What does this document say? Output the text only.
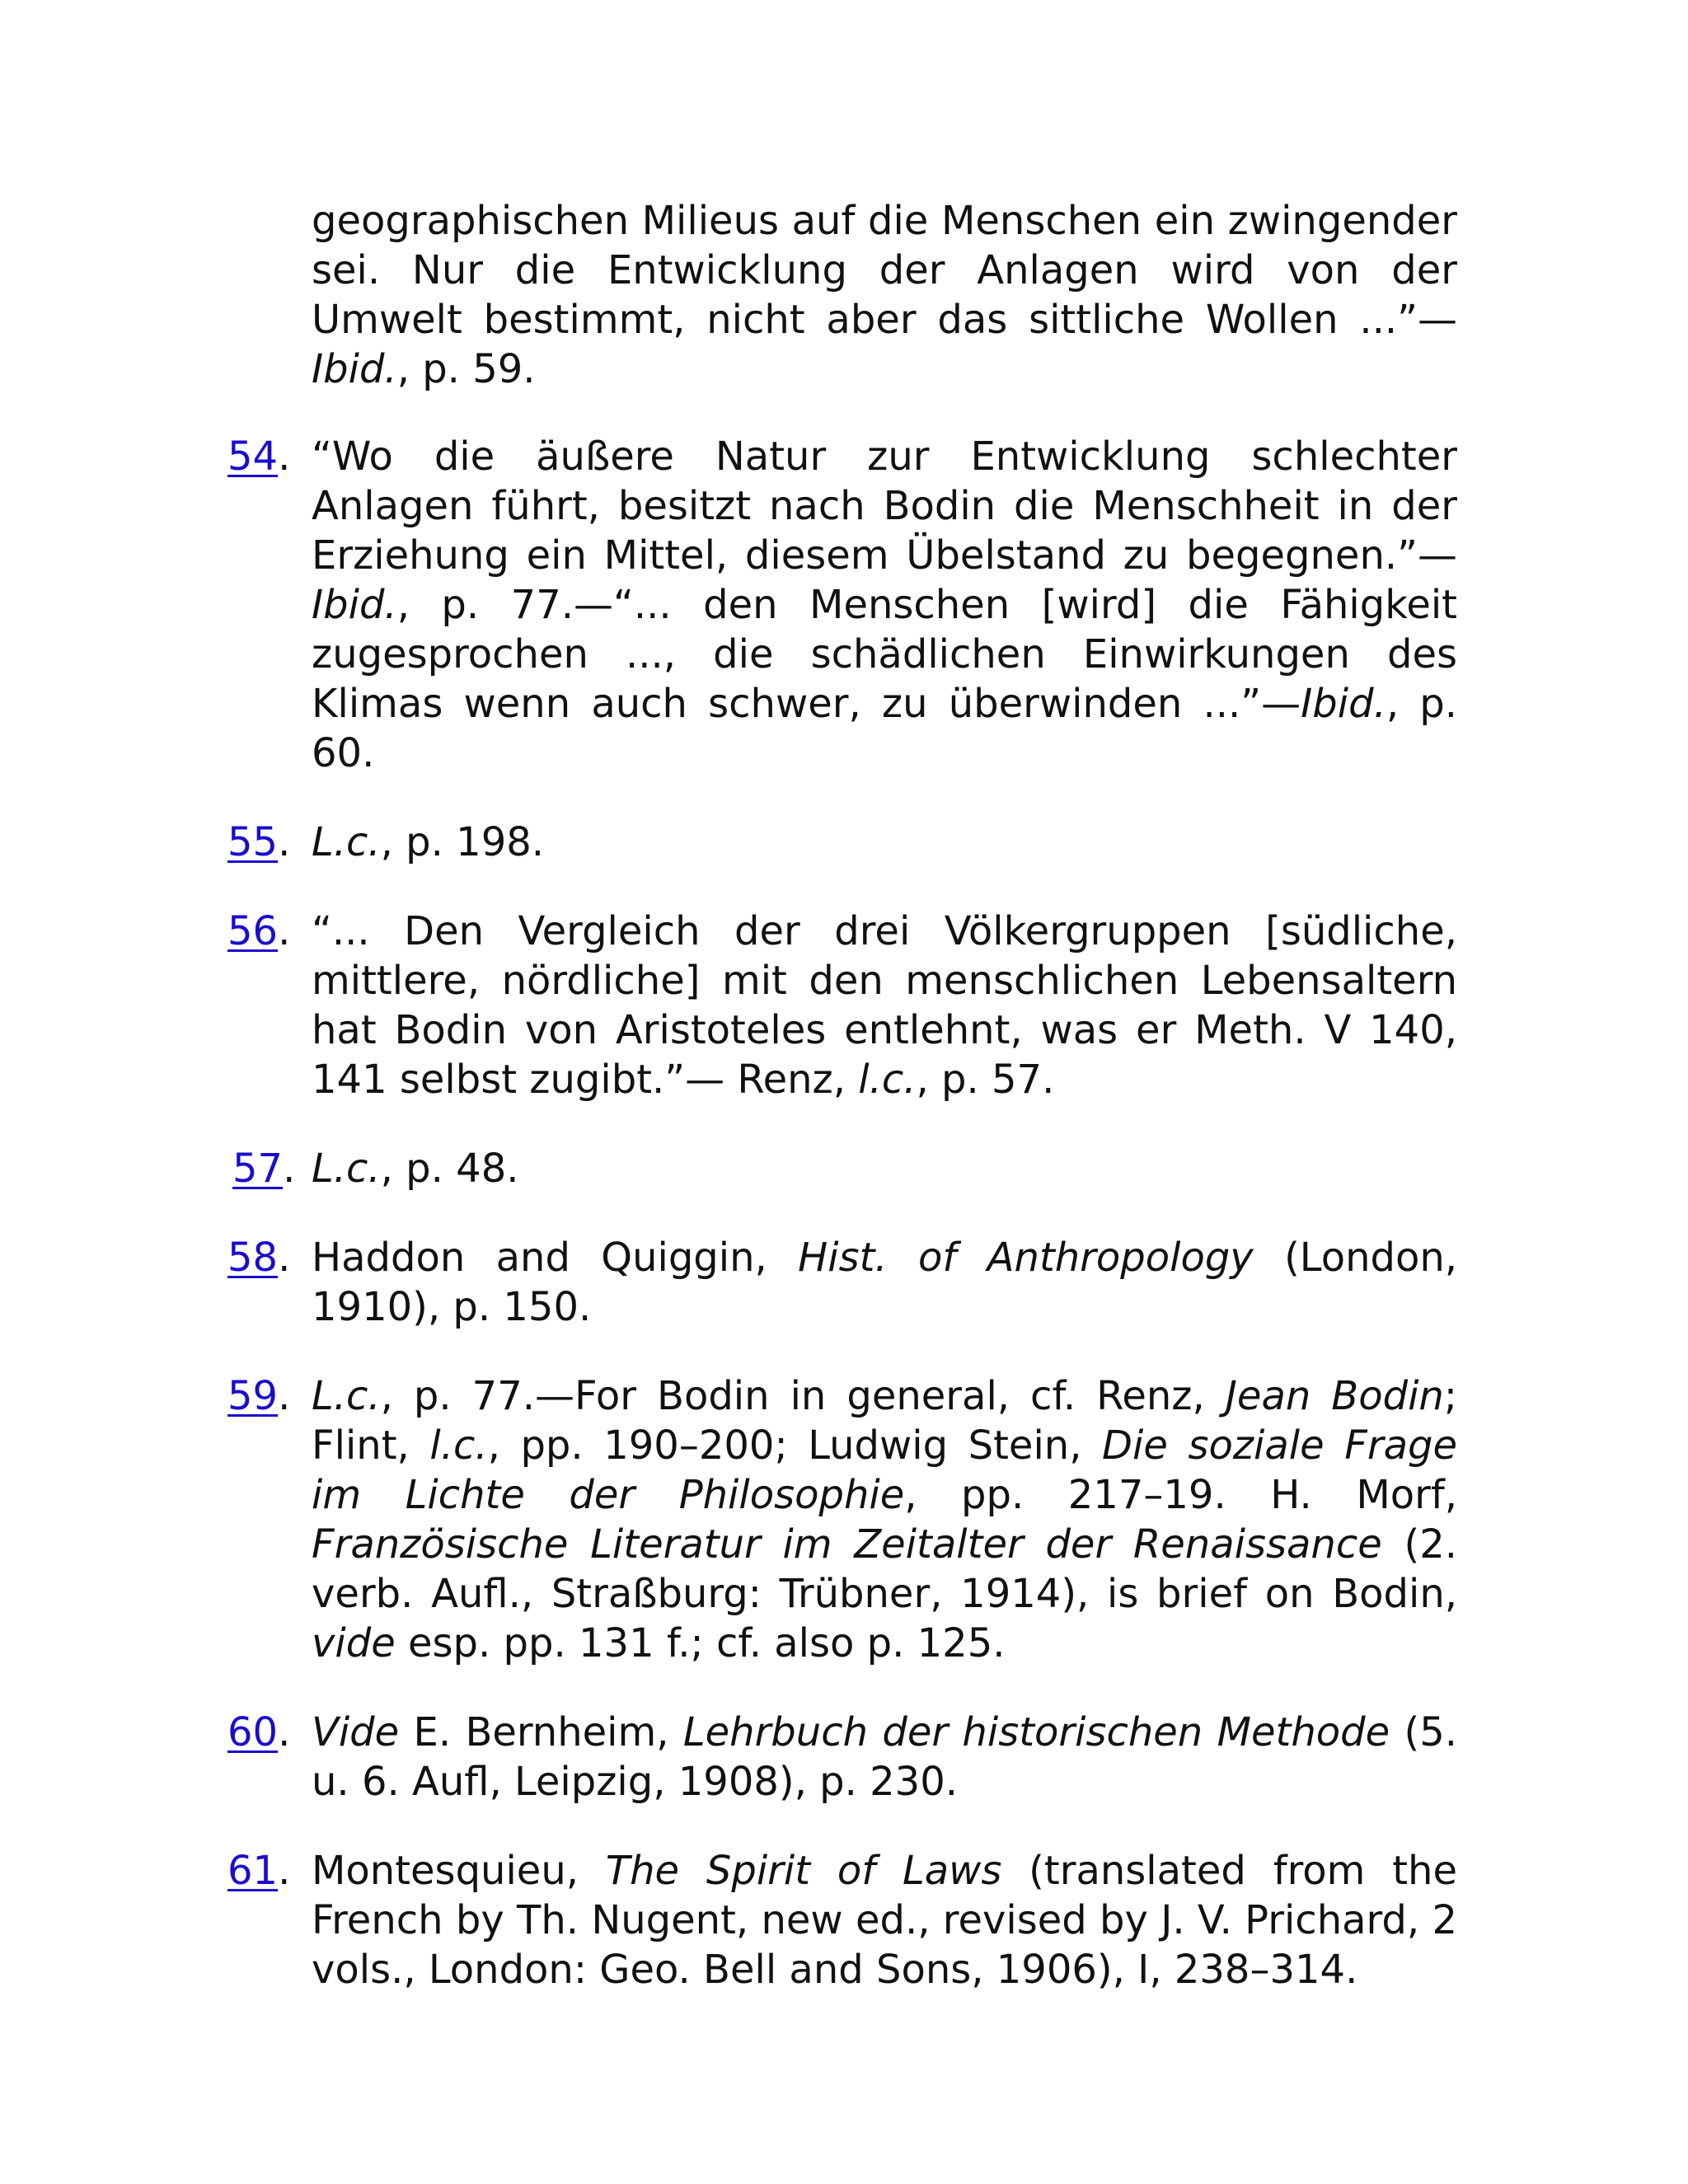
geographischen Milieus auf die Menschen ein zwingender sei. Nur die Entwicklung der Anlagen wird von der Umwelt bestimmt, nicht aber das sittliche Wollen ...”—Ibid., p. 59.

54. “Wo die äußere Natur zur Entwicklung schlechter Anlagen führt, besitzt nach Bodin die Menschheit in der Erziehung ein Mittel, diesem Übelstand zu begegnen.”—Ibid., p. 77.—“... den Menschen [wird] die Fähigkeit zugesprochen ..., die schädlichen Einwirkungen des Klimas wenn auch schwer, zu überwinden ...”—Ibid., p. 60.

55. L.c., p. 198.

56. “... Den Vergleich der drei Völkergruppen [südliche, mittlere, nördliche] mit den menschlichen Lebensaltern hat Bodin von Aristoteles entlehnt, was er Meth. V 140, 141 selbst zugibt.”— Renz, l.c., p. 57.

57. L.c., p. 48.

58. Haddon and Quiggin, Hist. of Anthropology (London, 1910), p. 150.

59. L.c., p. 77.—For Bodin in general, cf. Renz, Jean Bodin; Flint, l.c., pp. 190–200; Ludwig Stein, Die soziale Frage im Lichte der Philosophie, pp. 217–19. H. Morf, Französische Literatur im Zeitalter der Renaissance (2. verb. Aufl., Straßburg: Trübner, 1914), is brief on Bodin, vide esp. pp. 131 f.; cf. also p. 125.

60. Vide E. Bernheim, Lehrbuch der historischen Methode (5. u. 6. Aufl, Leipzig, 1908), p. 230.

61. Montesquieu, The Spirit of Laws (translated from the French by Th. Nugent, new ed., revised by J. V. Prichard, 2 vols., London: Geo. Bell and Sons, 1906), I, 238–314.
